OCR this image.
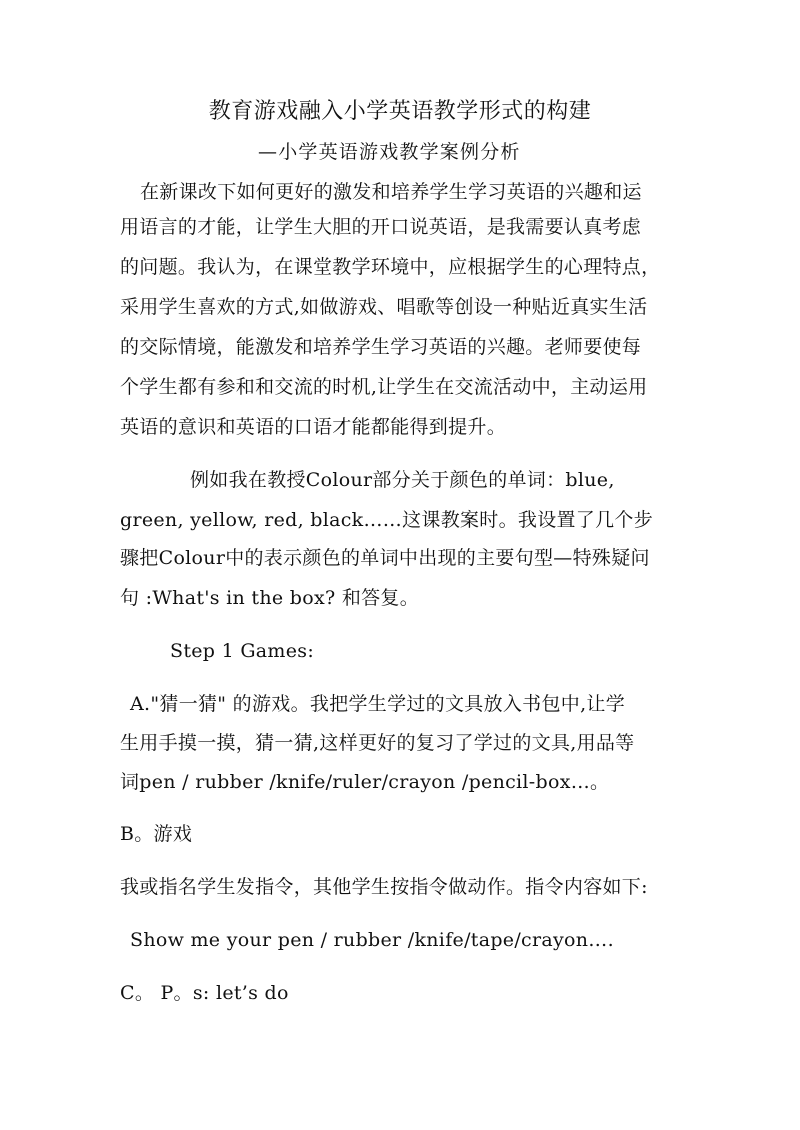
教育游戏融入小学英语教学形式的构建
—小学英语游戏教学案例分析
在新课改下如何更好的激发和培养学生学习英语的兴趣和运
用语言的才能，让学生大胆的开口说英语，是我需要认真考虑
的问题。我认为，在课堂教学环境中，应根据学生的心理特点，
采用学生喜欢的方式,如做游戏、唱歌等创设一种贴近真实生活
的交际情境，能激发和培养学生学习英语的兴趣。老师要使每
个学生都有参和和交流的时机,让学生在交流活动中，主动运用
英语的意识和英语的口语才能都能得到提升。
例如我在教授Colour部分关于颜色的单词：blue,
green, yellow, red, black……这课教案时。我设置了几个步
骤把Colour中的表示颜色的单词中出现的主要句型—特殊疑问
句 :What's in the box? 和答复。
Step 1 Games:
A."猜一猜" 的游戏。我把学生学过的文具放入书包中,让学
生用手摸一摸，猜一猜,这样更好的复习了学过的文具,用品等
词pen / rubber /knife/ruler/crayon /pencil-box…。
B。游戏
我或指名学生发指令，其他学生按指令做动作。指令内容如下:
Show me your pen / rubber /knife/tape/crayon….
C。 P。s: let’s do
